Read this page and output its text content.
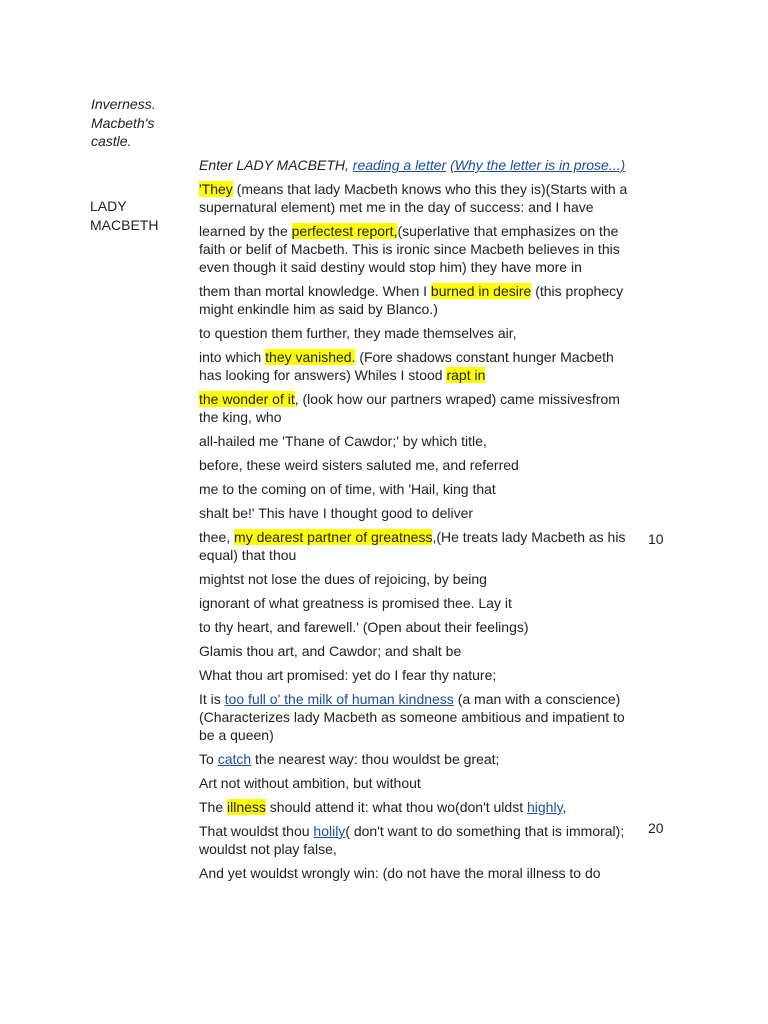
Inverness.
Macbeth's
castle.
LADY
MACBETH
10
20
Enter LADY MACBETH, reading a letter (Why the letter is in prose...)
'They (means that lady Macbeth knows who this they is)(Starts with a supernatural element) met me in the day of success: and I have
learned by the perfectest report,(superlative that emphasizes on the faith or belif of Macbeth. This is ironic since Macbeth believes in this even though it said destiny would stop him) they have more in
them than mortal knowledge. When I burned in desire (this prophecy might enkindle him as said by Blanco.)
to question them further, they made themselves air,
into which they vanished. (Fore shadows constant hunger Macbeth has looking for answers) Whiles I stood rapt in
the wonder of it, (look how our partners wraped) came missivesfrom the king, who
all-hailed me 'Thane of Cawdor;' by which title,
before, these weird sisters saluted me, and referred
me to the coming on of time, with 'Hail, king that
shalt be!' This have I thought good to deliver
thee, my dearest partner of greatness,(He treats lady Macbeth as his equal) that thou
mightst not lose the dues of rejoicing, by being
ignorant of what greatness is promised thee. Lay it
to thy heart, and farewell.' (Open about their feelings)
Glamis thou art, and Cawdor; and shalt be
What thou art promised: yet do I fear thy nature;
It is too full o' the milk of human kindness (a man with a conscience)(Characterizes lady Macbeth as someone ambitious and impatient to be a queen)
To catch the nearest way: thou wouldst be great;
Art not without ambition, but without
The illness should attend it: what thou wo(don't uldst highly,
That wouldst thou holily( don't want to do something that is immoral); wouldst not play false,
And yet wouldst wrongly win: (do not have the moral illness to do
